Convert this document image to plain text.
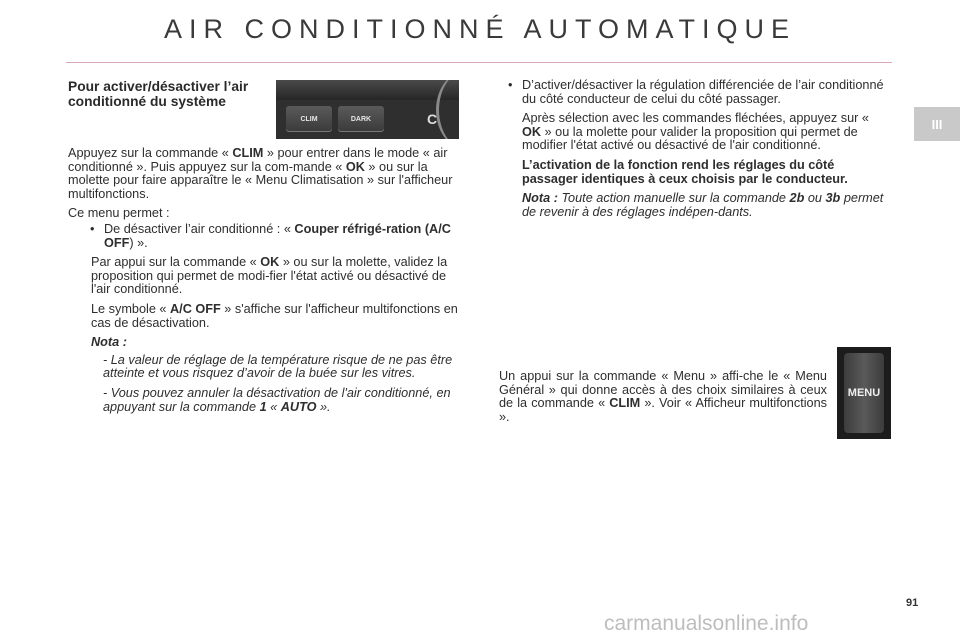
AIR CONDITIONNÉ AUTOMATIQUE
III
Pour activer/désactiver l’air conditionné du système
CLIM	DARK	C

Appuyez sur la commande « CLIM » pour entrer dans le mode « air conditionné ». Puis appuyez sur la com-mande « OK » ou sur la molette pour faire apparaître le « Menu Climatisation » sur l'afficheur multifonctions.

Ce menu permet :

• De désactiver l’air conditionné : « Couper réfrigé-ration (A/C OFF) ».

Par appui sur la commande « OK » ou sur la molette, validez la proposition qui permet de modi-fier l'état activé ou désactivé de l'air conditionné.

Le symbole « A/C OFF » s'affiche sur l'afficheur multifonctions en cas de désactivation.

Nota :

- La valeur de réglage de la température risque de ne pas être atteinte et vous risquez d’avoir de la buée sur les vitres.

- Vous pouvez annuler la désactivation de l'air conditionné, en appuyant sur la commande 1 « AUTO ».

• D’activer/désactiver la régulation différenciée de l’air conditionné du côté conducteur de celui du côté passager.

Après sélection avec les commandes fléchées, appuyez sur « OK » ou la molette pour valider la proposition qui permet de modifier l'état activé ou désactivé de l'air conditionné.

L’activation de la fonction rend les réglages du côté passager identiques à ceux choisis par le conducteur.

Nota : Toute action manuelle sur la commande 2b ou 3b permet de revenir à des réglages indépen-dants.

Un appui sur la commande « Menu » affi-che le « Menu Général » qui donne accès à des choix similaires à ceux de la commande « CLIM ». Voir « Afficheur multifonctions ».
MENU
91
carmanualsonline.info
